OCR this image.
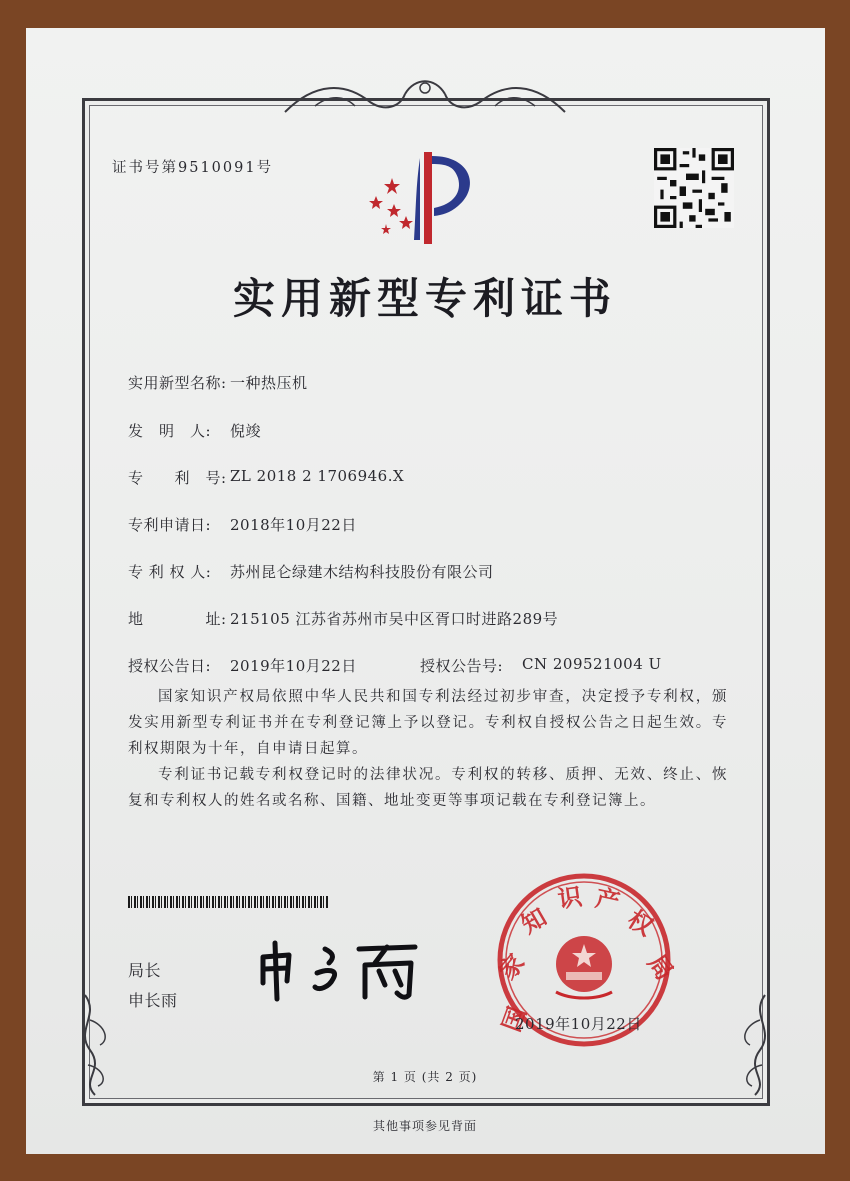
证书号第9510091号
实用新型专利证书
实用新型名称: 一种热压机
发　明　人: 倪竣
专　　利　号: ZL 2018 2 1706946.X
专利申请日: 2018年10月22日
专 利 权 人: 苏州昆仑绿建木结构科技股份有限公司
地　　　　址: 215105 江苏省苏州市吴中区胥口时进路289号
授权公告日: 2019年10月22日	授权公告号: CN 209521004 U
国家知识产权局依照中华人民共和国专利法经过初步审查，决定授予专利权，颁发实用新型专利证书并在专利登记簿上予以登记。专利权自授权公告之日起生效。专利权期限为十年，自申请日起算。
专利证书记载专利权登记时的法律状况。专利权的转移、质押、无效、终止、恢复和专利权人的姓名或名称、国籍、地址变更等事项记载在专利登记簿上。
局长
申长雨
国
家
知
识 产
权
局
2019年10月22日
第 1 页 (共 2 页)
其他事项参见背面
